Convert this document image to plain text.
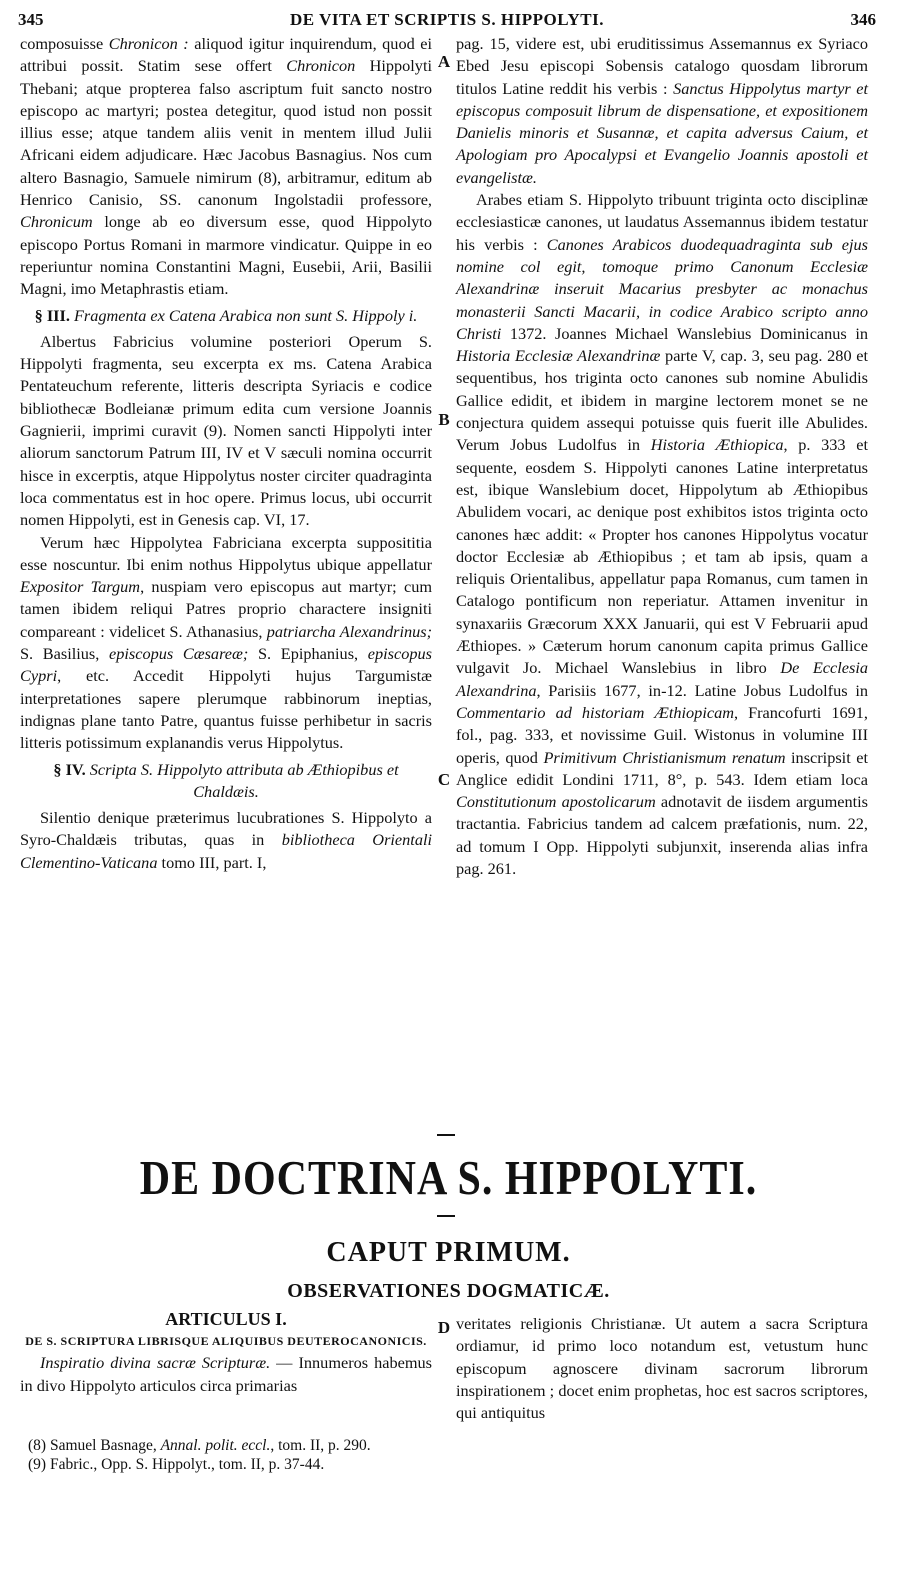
345	DE VITA ET SCRIPTIS S. HIPPOLYTI.	346

composuisse Chronicon : aliquod igitur inquirendum, quod ei attribui possit. Statim sese offert Chronicon Hippolyti Thebani; atque propterea falso ascriptum fuit sancto nostro episcopo ac martyri; postea detegitur, quod istud non possit illius esse; atque tandem aliis venit in mentem illud Julii Africani eidem adjudicare. Hæc Jacobus Basnagius. Nos cum altero Basnagio, Samuele nimirum (8), arbitramur, editum ab Henrico Canisio, SS. canonum Ingolstadii professore, Chronicum longe ab eo diversum esse, quod Hippolyto episcopo Portus Romani in marmore vindicatur. Quippe in eo reperiuntur nomina Constantini Magni, Eusebii, Arii, Basilii Magni, imo Metaphrastis etiam.

§ III. Fragmenta ex Catena Arabica non sunt S. Hippoly i.

Albertus Fabricius volumine posteriori Operum S. Hippolyti fragmenta, seu excerpta ex ms. Catena Arabica Pentateuchum referente, litteris descripta Syriacis e codice bibliothecæ Bodleianæ primum edita cum versione Joannis Gagnierii, imprimi curavit (9). Nomen sancti Hippolyti inter aliorum sanctorum Patrum III, IV et V sæculi nomina occurrit hisce in excerptis, atque Hippolytus noster circiter quadraginta loca commentatus est in hoc opere. Primus locus, ubi occurrit nomen Hippolyti, est in Genesis cap. VI, 17.

Verum hæc Hippolytea Fabriciana excerpta supposititia esse noscuntur. Ibi enim nothus Hippolytus ubique appellatur Expositor Targum, nuspiam vero episcopus aut martyr; cum tamen ibidem reliqui Patres proprio charactere insigniti compareant : videlicet S. Athanasius, patriarcha Alexandrinus; S. Basilius, episcopus Cæsareæ; S. Epiphanius, episcopus Cypri, etc. Accedit Hippolyti hujus Targumistæ interpretationes sapere plerumque rabbinorum ineptias, indignas plane tanto Patre, quantus fuisse perhibetur in sacris litteris potissimum explanandis verus Hippolytus.

§ IV. Scripta S. Hippolyto attributa ab Æthiopibus et Chaldæis.

Silentio denique præterimus lucubrationes S. Hippolyto a Syro-Chaldæis tributas, quas in bibliotheca Orientali Clementino-Vaticana tomo III, part. I,

A
B
C
D

pag. 15, videre est, ubi eruditissimus Assemannus ex Syriaco Ebed Jesu episcopi Sobensis catalogo quosdam librorum titulos Latine reddit his verbis : Sanctus Hippolytus martyr et episcopus composuit librum de dispensatione, et expositionem Danielis minoris et Susannæ, et capita adversus Caium, et Apologiam pro Apocalypsi et Evangelio Joannis apostoli et evangelistæ.

Arabes etiam S. Hippolyto tribuunt triginta octo disciplinæ ecclesiasticæ canones, ut laudatus Assemannus ibidem testatur his verbis : Canones Arabicos duodequadraginta sub ejus nomine col egit, tomoque primo Canonum Ecclesiæ Alexandrinæ inseruit Macarius presbyter ac monachus monasterii Sancti Macarii, in codice Arabico scripto anno Christi 1372. Joannes Michael Wanslebius Dominicanus in Historia Ecclesiæ Alexandrinæ parte V, cap. 3, seu pag. 280 et sequentibus, hos triginta octo canones sub nomine Abulidis Gallice edidit, et ibidem in margine lectorem monet se ne conjectura quidem assequi potuisse quis fuerit ille Abulides. Verum Jobus Ludolfus in Historia Æthiopica, p. 333 et sequente, eosdem S. Hippolyti canones Latine interpretatus est, ibique Wanslebium docet, Hippolytum ab Æthiopibus Abulidem vocari, ac denique post exhibitos istos triginta octo canones hæc addit: « Propter hos canones Hippolytus vocatur doctor Ecclesiæ ab Æthiopibus ; et tam ab ipsis, quam a reliquis Orientalibus, appellatur papa Romanus, cum tamen in Catalogo pontificum non reperiatur. Attamen invenitur in synaxariis Græcorum XXX Januarii, qui est V Februarii apud Æthiopes. » Cæterum horum canonum capita primus Gallice vulgavit Jo. Michael Wanslebius in libro De Ecclesia Alexandrina, Parisiis 1677, in-12. Latine Jobus Ludolfus in Commentario ad historiam Æthiopicam, Francofurti 1691, fol., pag. 333, et novissime Guil. Wistonus in volumine III operis, quod Primitivum Christianismum renatum inscripsit et Anglice edidit Londini 1711, 8°, p. 543. Idem etiam loca Constitutionum apostolicarum adnotavit de iisdem argumentis tractantia. Fabricius tandem ad calcem præfationis, num. 22, ad tomum I Opp. Hippolyti subjunxit, inserenda alias infra pag. 261.

DE DOCTRINA S. HIPPOLYTI.
CAPUT PRIMUM.
OBSERVATIONES DOGMATICÆ.

ARTICULUS I.

DE S. SCRIPTURA LIBRISQUE ALIQUIBUS DEUTEROCANONICIS.

Inspiratio divina sacræ Scripturæ. — Innumeros habemus in divo Hippolyto articulos circa primarias

veritates religionis Christianæ. Ut autem a sacra Scriptura ordiamur, id primo loco notandum est, vetustum hunc episcopum agnoscere divinam sacrorum librorum inspirationem ; docet enim prophetas, hoc est sacros scriptores, qui antiquitus

(8) Samuel Basnage, Annal. polit. eccl., tom. II, p. 290.
(9) Fabric., Opp. S. Hippolyt., tom. II, p. 37-44.
